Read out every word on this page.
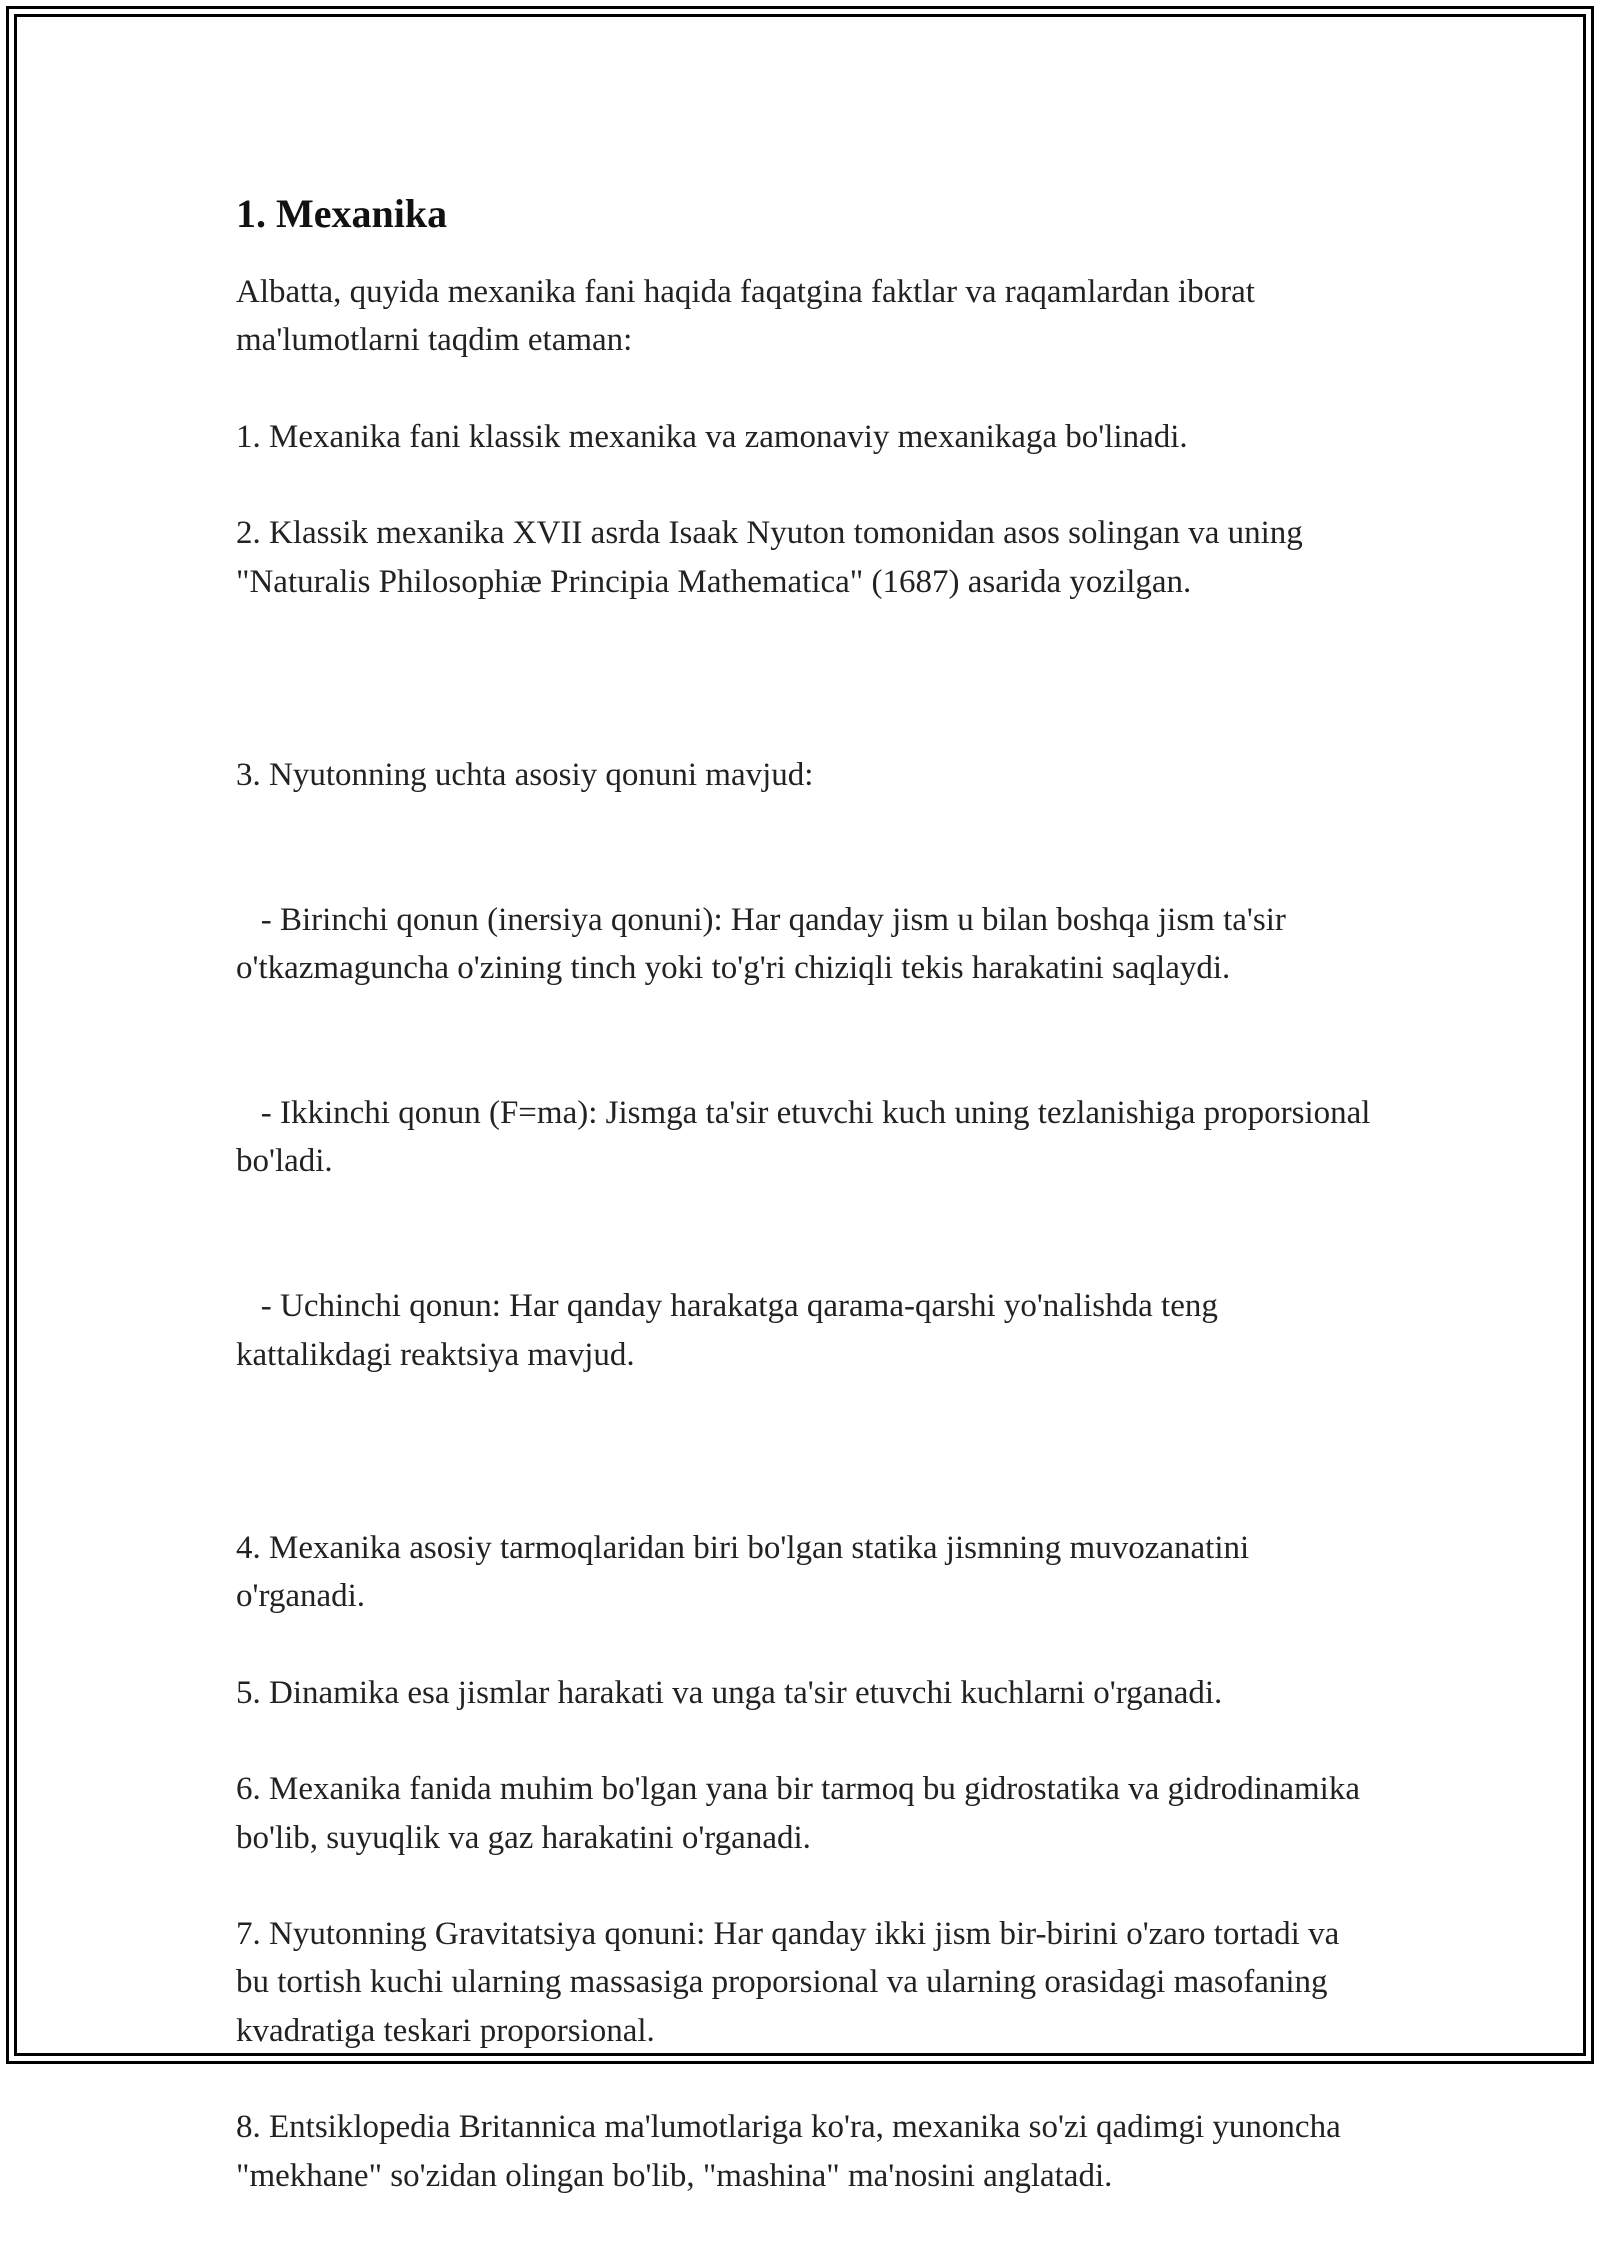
1. Mexanika
Albatta, quyida mexanika fani haqida faqatgina faktlar va raqamlardan iborat ma'lumotlarni taqdim etaman:
1. Mexanika fani klassik mexanika va zamonaviy mexanikaga bo'linadi.
2. Klassik mexanika XVII asrda Isaak Nyuton tomonidan asos solingan va uning "Naturalis Philosophiæ Principia Mathematica" (1687) asarida yozilgan.

3. Nyutonning uchta asosiy qonuni mavjud:

- Birinchi qonun (inersiya qonuni): Har qanday jism u bilan boshqa jism ta'sir o'tkazmaguncha o'zining tinch yoki to'g'ri chiziqli tekis harakatini saqlaydi.

- Ikkinchi qonun (F=ma): Jismga ta'sir etuvchi kuch uning tezlanishiga proporsional bo'ladi.

- Uchinchi qonun: Har qanday harakatga qarama-qarshi yo'nalishda teng kattalikdagi reaktsiya mavjud.

4. Mexanika asosiy tarmoqlaridan biri bo'lgan statika jismning muvozanatini o'rganadi.
5. Dinamika esa jismlar harakati va unga ta'sir etuvchi kuchlarni o'rganadi.
6. Mexanika fanida muhim bo'lgan yana bir tarmoq bu gidrostatika va gidrodinamika bo'lib, suyuqlik va gaz harakatini o'rganadi.
7. Nyutonning Gravitatsiya qonuni: Har qanday ikki jism bir-birini o'zaro tortadi va bu tortish kuchi ularning massasiga proporsional va ularning orasidagi masofaning kvadratiga teskari proporsional.
8. Entsiklopedia Britannica ma'lumotlariga ko'ra, mexanika so'zi qadimgi yunoncha "mekhane" so'zidan olingan bo'lib, "mashina" ma'nosini anglatadi.
